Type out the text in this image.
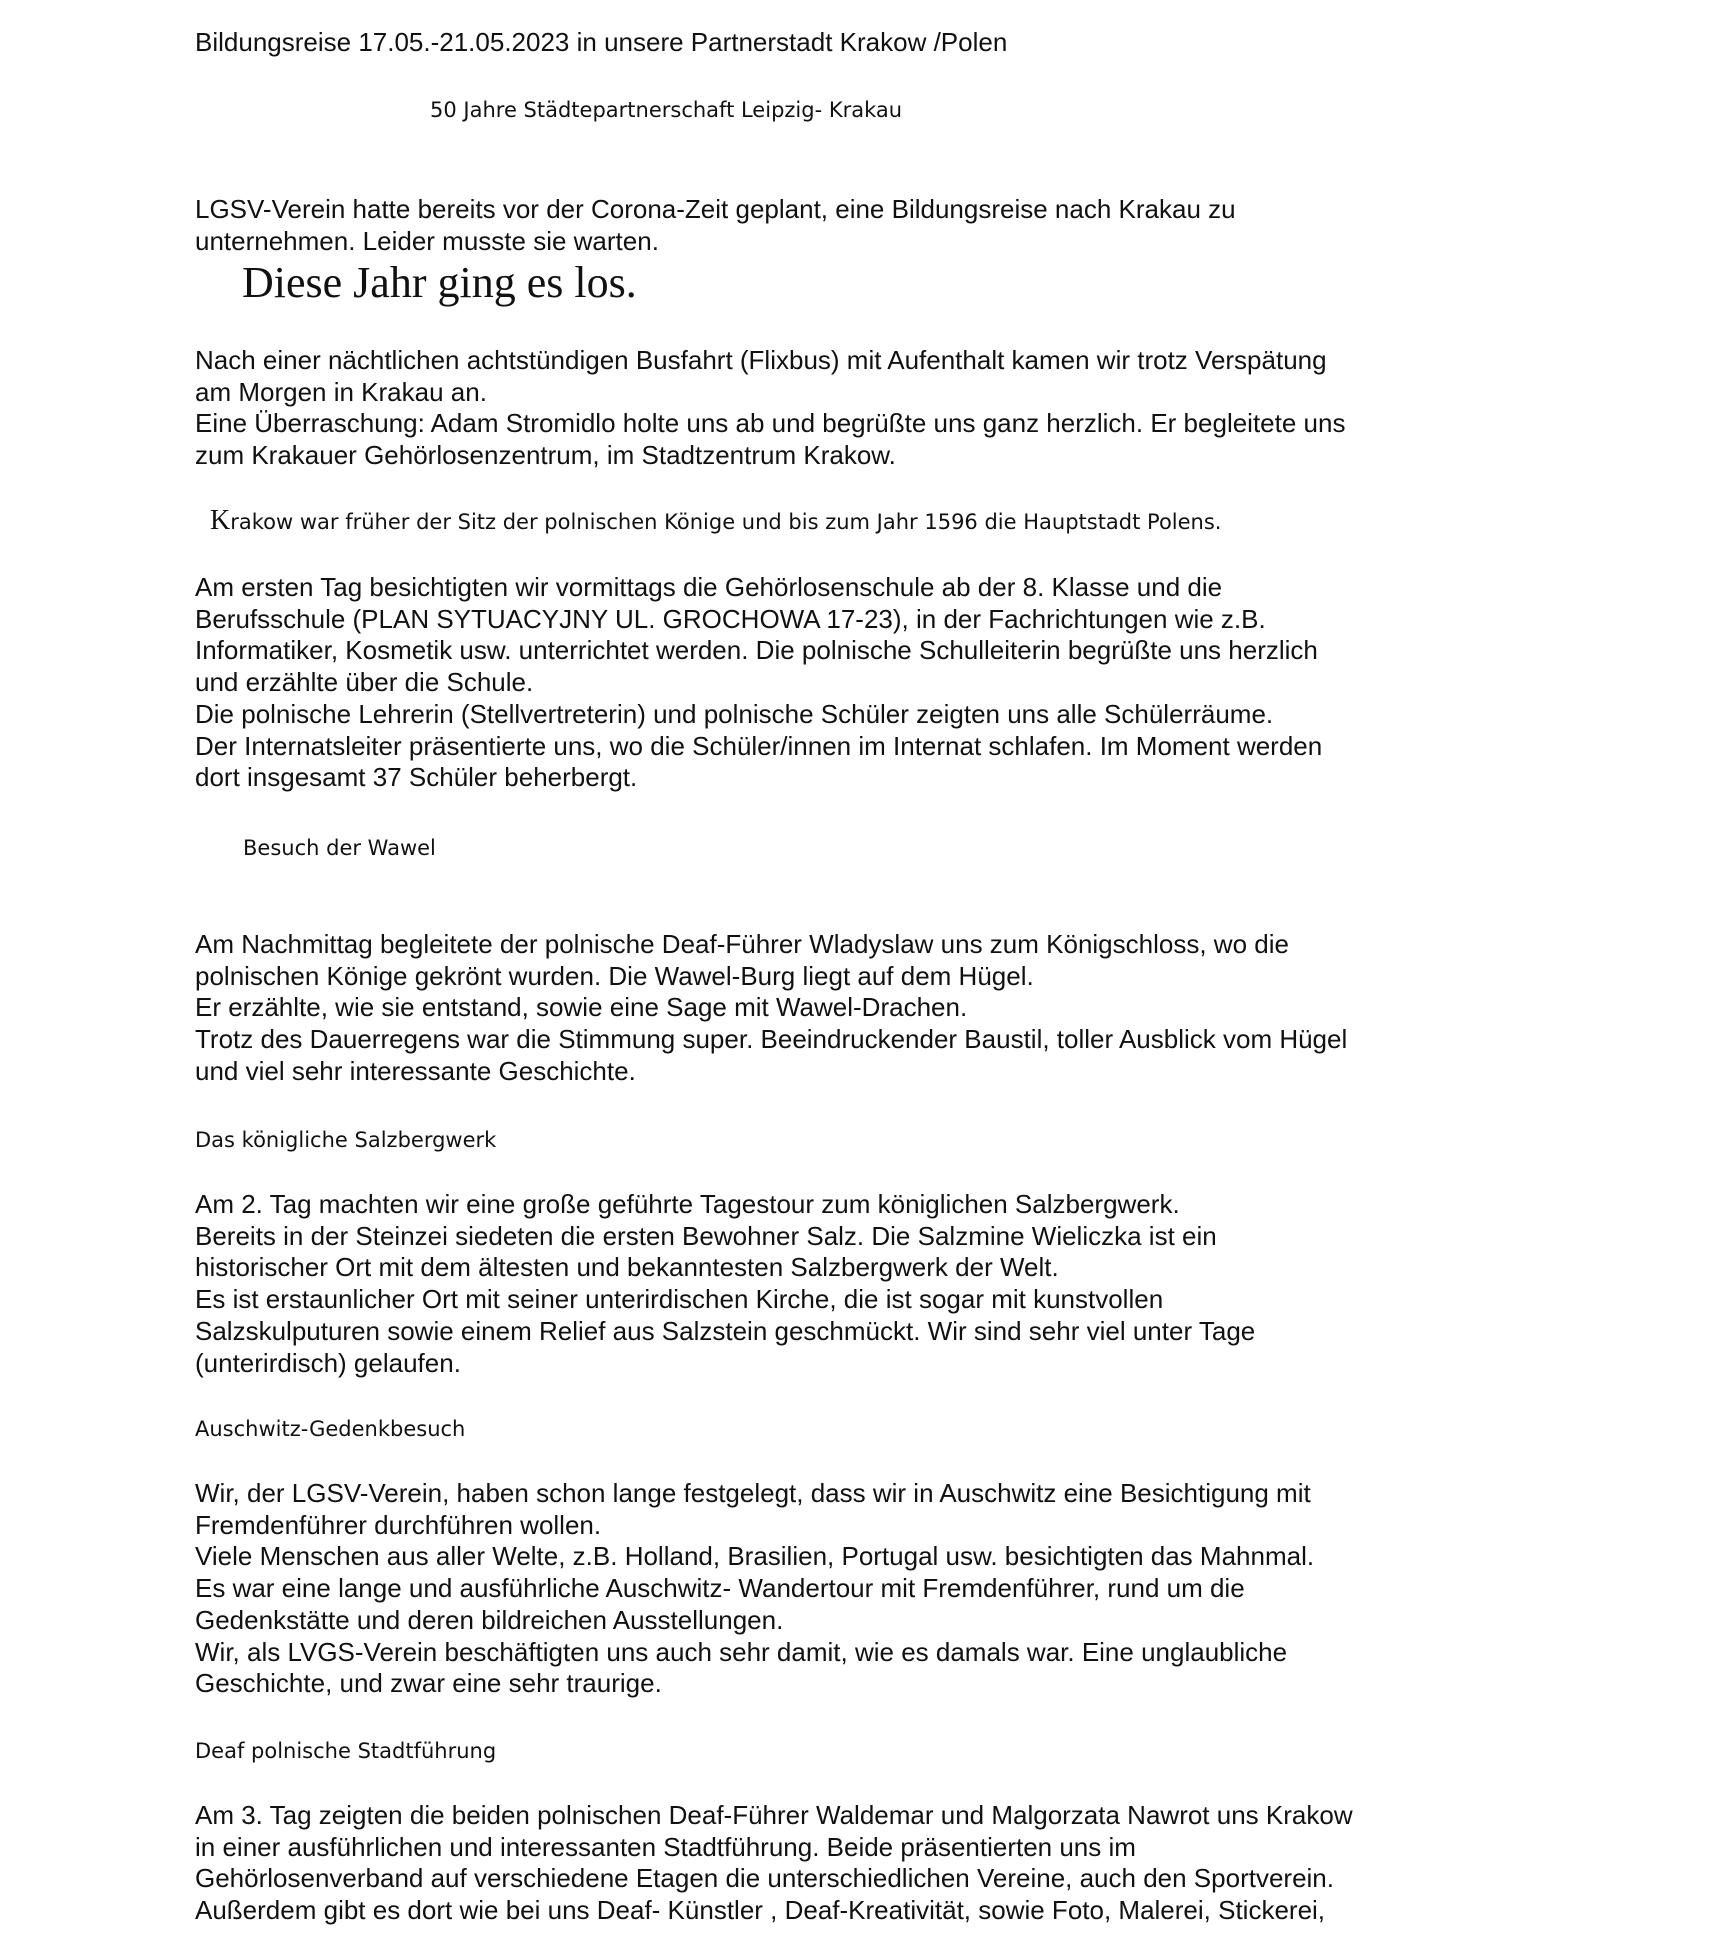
Bildungsreise 17.05.-21.05.2023 in unsere Partnerstadt Krakow /Polen
50 Jahre Städtepartnerschaft Leipzig- Krakau
LGSV-Verein hatte bereits vor der Corona-Zeit geplant, eine Bildungsreise nach Krakau zu
unternehmen. Leider musste sie warten.
Diese Jahr ging es los.
Nach einer nächtlichen achtstündigen Busfahrt (Flixbus) mit Aufenthalt kamen wir trotz Verspätung
am Morgen in Krakau an.
Eine Überraschung: Adam Stromidlo holte uns ab und begrüßte uns ganz herzlich. Er begleitete uns
zum Krakauer Gehörlosenzentrum, im Stadtzentrum Krakow.
Krakow war früher der Sitz der polnischen Könige und bis zum Jahr 1596 die Hauptstadt Polens.
Am ersten Tag besichtigten wir vormittags die Gehörlosenschule ab der 8. Klasse und die
Berufsschule (PLAN SYTUACYJNY UL. GROCHOWA 17-23), in der Fachrichtungen wie z.B.
Informatiker, Kosmetik usw. unterrichtet werden. Die polnische Schulleiterin begrüßte uns herzlich
und erzählte über die Schule.
Die polnische Lehrerin (Stellvertreterin) und polnische Schüler zeigten uns alle Schülerräume.
Der Internatsleiter präsentierte uns, wo die Schüler/innen im Internat schlafen. Im Moment werden
dort insgesamt 37 Schüler beherbergt.
Besuch der Wawel
Am Nachmittag begleitete der polnische Deaf-Führer Wladyslaw uns zum Königschloss, wo die
polnischen Könige gekrönt wurden. Die Wawel-Burg liegt auf dem Hügel.
Er erzählte, wie sie entstand, sowie eine Sage mit Wawel-Drachen.
Trotz des Dauerregens war die Stimmung super. Beeindruckender Baustil, toller Ausblick vom Hügel
und viel sehr interessante Geschichte.
Das königliche Salzbergwerk
Am 2. Tag machten wir eine große geführte Tagestour zum königlichen Salzbergwerk.
Bereits in der Steinzei siedeten die ersten Bewohner Salz. Die Salzmine Wieliczka ist ein
historischer Ort mit dem ältesten und bekanntesten Salzbergwerk der Welt.
Es ist erstaunlicher Ort mit seiner unterirdischen Kirche, die ist sogar mit kunstvollen
Salzskulputuren sowie einem Relief aus Salzstein geschmückt. Wir sind sehr viel unter Tage
(unterirdisch) gelaufen.
Auschwitz-Gedenkbesuch
Wir, der LGSV-Verein, haben schon lange festgelegt, dass wir in Auschwitz eine Besichtigung mit
Fremdenführer durchführen wollen.
Viele Menschen aus aller Welte, z.B. Holland, Brasilien, Portugal usw. besichtigten das Mahnmal.
Es war eine lange und ausführliche Auschwitz- Wandertour mit Fremdenführer, rund um die
Gedenkstätte und deren bildreichen Ausstellungen.
Wir, als LVGS-Verein beschäftigten uns auch sehr damit, wie es damals war. Eine unglaubliche
Geschichte, und zwar eine sehr traurige.
Deaf polnische Stadtführung
Am 3. Tag zeigten die beiden polnischen Deaf-Führer Waldemar und Malgorzata Nawrot uns Krakow
in einer ausführlichen und interessanten Stadtführung. Beide präsentierten uns im
Gehörlosenverband auf verschiedene Etagen die unterschiedlichen Vereine, auch den Sportverein.
Außerdem gibt es dort wie bei uns Deaf- Künstler , Deaf-Kreativität, sowie Foto, Malerei, Stickerei,
